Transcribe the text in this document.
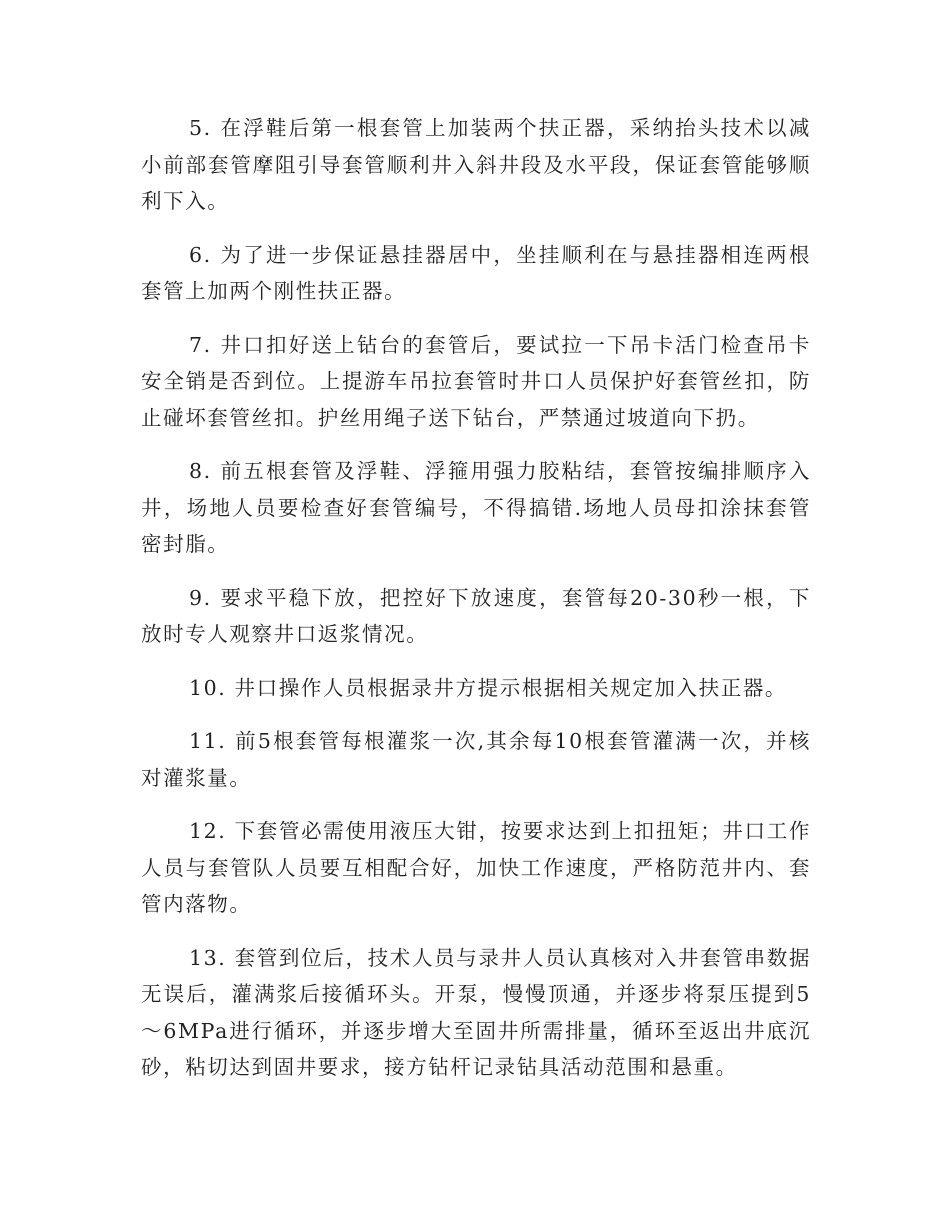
5. 在浮鞋后第一根套管上加装两个扶正器，采纳抬头技术以减小前部套管摩阻引导套管顺利井入斜井段及水平段，保证套管能够顺利下入。

6. 为了进一步保证悬挂器居中，坐挂顺利在与悬挂器相连两根套管上加两个刚性扶正器。

7. 井口扣好送上钻台的套管后，要试拉一下吊卡活门检查吊卡安全销是否到位。上提游车吊拉套管时井口人员保护好套管丝扣，防止碰坏套管丝扣。护丝用绳子送下钻台，严禁通过坡道向下扔。

8. 前五根套管及浮鞋、浮箍用强力胶粘结，套管按编排顺序入井，场地人员要检查好套管编号，不得搞错.场地人员母扣涂抹套管密封脂。

9. 要求平稳下放，把控好下放速度，套管每20-30秒一根，下放时专人观察井口返浆情况。

10. 井口操作人员根据录井方提示根据相关规定加入扶正器。

11. 前5根套管每根灌浆一次,其余每10根套管灌满一次，并核对灌浆量。

12. 下套管必需使用液压大钳，按要求达到上扣扭矩；井口工作人员与套管队人员要互相配合好，加快工作速度，严格防范井内、套管内落物。

13. 套管到位后，技术人员与录井人员认真核对入井套管串数据无误后，灌满浆后接循环头。开泵，慢慢顶通，并逐步将泵压提到5～6MPa进行循环，并逐步增大至固井所需排量，循环至返出井底沉砂，粘切达到固井要求，接方钻杆记录钻具活动范围和悬重。
